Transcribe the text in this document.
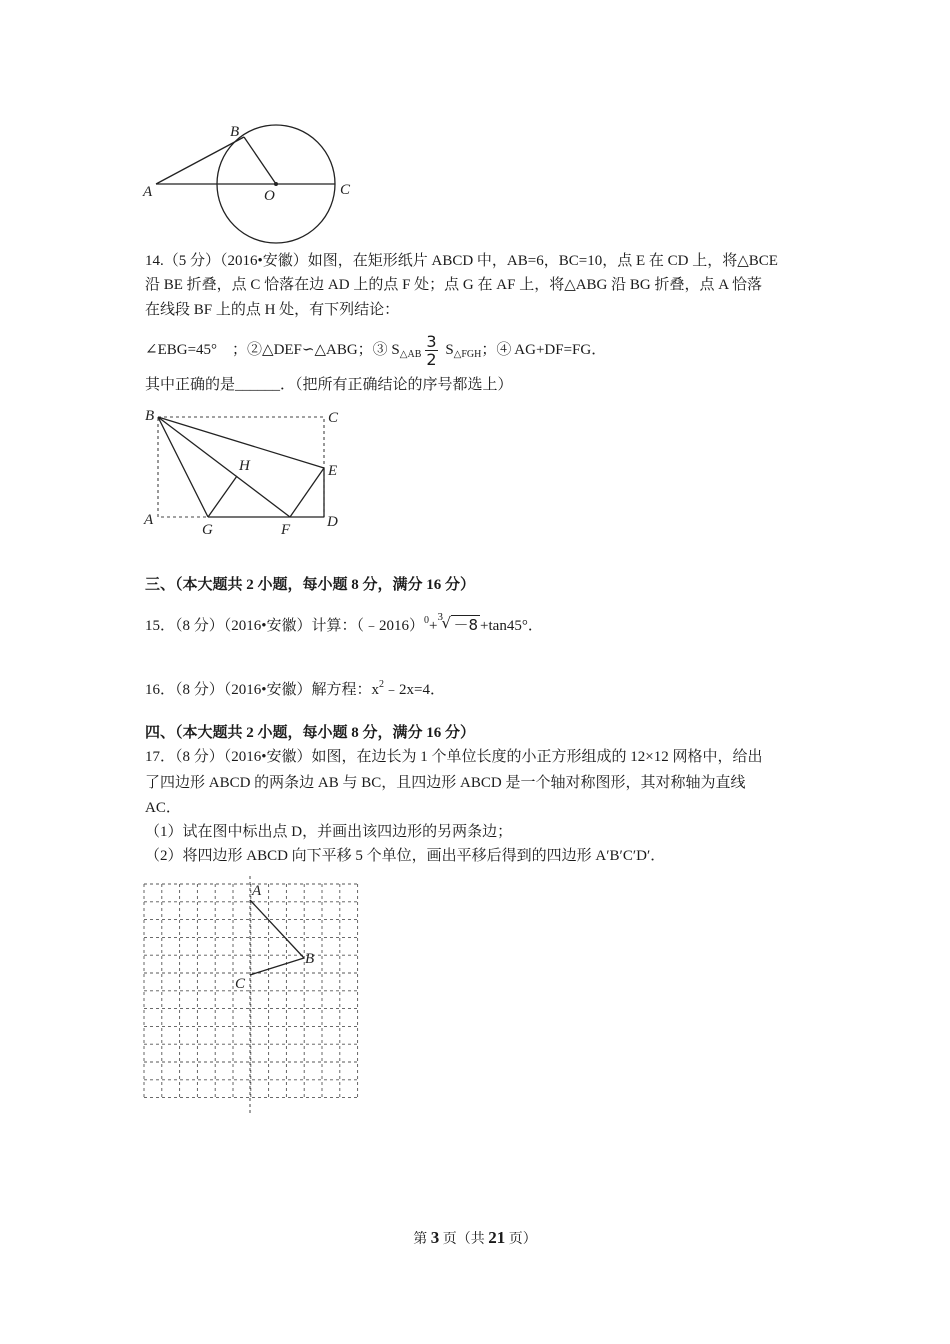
A
B
O	C
14.（5 分）（2016•安徽）如图，在矩形纸片 ABCD 中，AB=6，BC=10，点 E 在 CD 上，将△BCE
沿 BE 折叠，点 C 恰落在边 AD 上的点 F 处；点 G 在 AF 上，将△ABG 沿 BG 折叠，点 A 恰落
在线段 BF 上的点 H 处，有下列结论：
∠EBG=45° ；②△DEF∽△ABG；③ $S_{\triangle AB} \frac{3}{2} S_{\triangle FGH}$；④ AG+DF=FG．
其中正确的是______．（把所有正确结论的序号都选上）
B	C
H	E
A
G	F D
三、（本大题共 2 小题，每小题 8 分，满分 16 分）
15．（8 分）（2016•安徽）计算：（﹣2016）$^0$+
3
√ －8 +tan45°．
16．（8 分）（2016•安徽）解方程：$x^2﹣2x=4$．
四、（本大题共 2 小题，每小题 8 分，满分 16 分）
17．（8 分）（2016•安徽）如图，在边长为 1 个单位长度的小正方形组成的 12×12 网格中，给出
了四边形 ABCD 的两条边 AB 与 BC，且四边形 ABCD 是一个轴对称图形，其对称轴为直线
AC．
（1）试在图中标出点 D，并画出该四边形的另两条边；
（2）将四边形 ABCD 向下平移 5 个单位，画出平移后得到的四边形 A′B′C′D′．
A
B
C
第 3 页（共 21 页）
